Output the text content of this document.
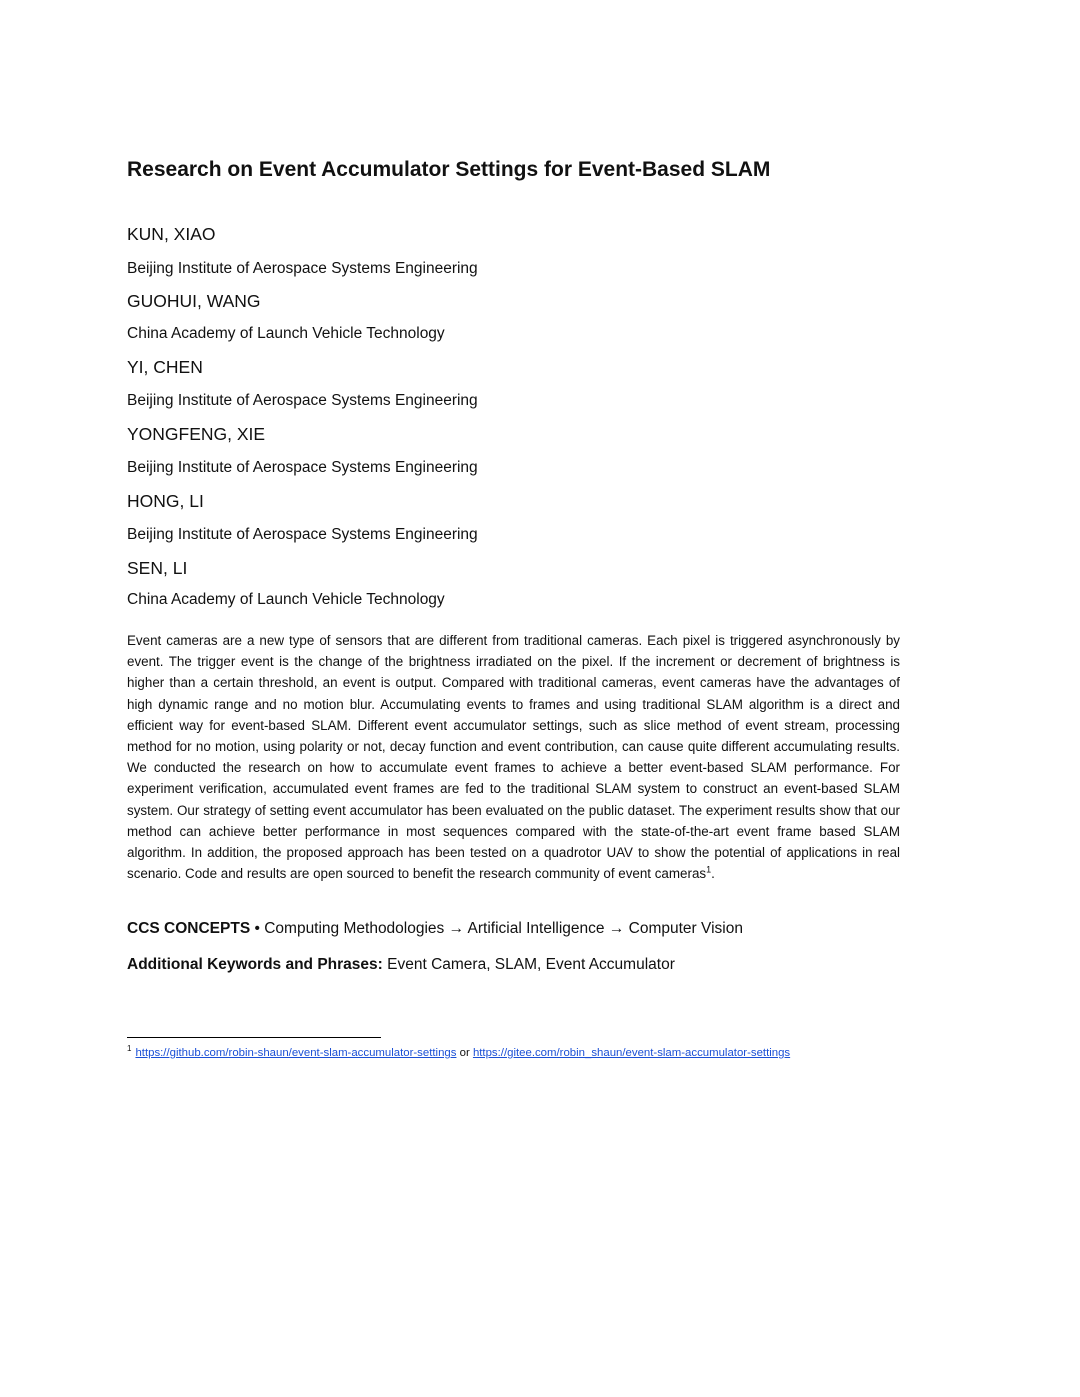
Research on Event Accumulator Settings for Event-Based SLAM
KUN, XIAO
Beijing Institute of Aerospace Systems Engineering
GUOHUI, WANG
China Academy of Launch Vehicle Technology
YI, CHEN
Beijing Institute of Aerospace Systems Engineering
YONGFENG, XIE
Beijing Institute of Aerospace Systems Engineering
HONG, LI
Beijing Institute of Aerospace Systems Engineering
SEN, LI
China Academy of Launch Vehicle Technology

Event cameras are a new type of sensors that are different from traditional cameras. Each pixel is triggered asynchronously by event. The trigger event is the change of the brightness irradiated on the pixel. If the increment or decrement of brightness is higher than a certain threshold, an event is output. Compared with traditional cameras, event cameras have the advantages of high dynamic range and no motion blur. Accumulating events to frames and using traditional SLAM algorithm is a direct and efficient way for event-based SLAM. Different event accumulator settings, such as slice method of event stream, processing method for no motion, using polarity or not, decay function and event contribution, can cause quite different accumulating results. We conducted the research on how to accumulate event frames to achieve a better event-based SLAM performance. For experiment verification, accumulated event frames are fed to the traditional SLAM system to construct an event-based SLAM system. Our strategy of setting event accumulator has been evaluated on the public dataset. The experiment results show that our method can achieve better performance in most sequences compared with the state-of-the-art event frame based SLAM algorithm. In addition, the proposed approach has been tested on a quadrotor UAV to show the potential of applications in real scenario. Code and results are open sourced to benefit the research community of event cameras$^1$.

CCS CONCEPTS • Computing Methodologies → Artificial Intelligence → Computer Vision
Additional Keywords and Phrases: Event Camera, SLAM, Event Accumulator
$^1$ https://github.com/robin-shaun/event-slam-accumulator-settings or https://gitee.com/robin_shaun/event-slam-accumulator-settings
